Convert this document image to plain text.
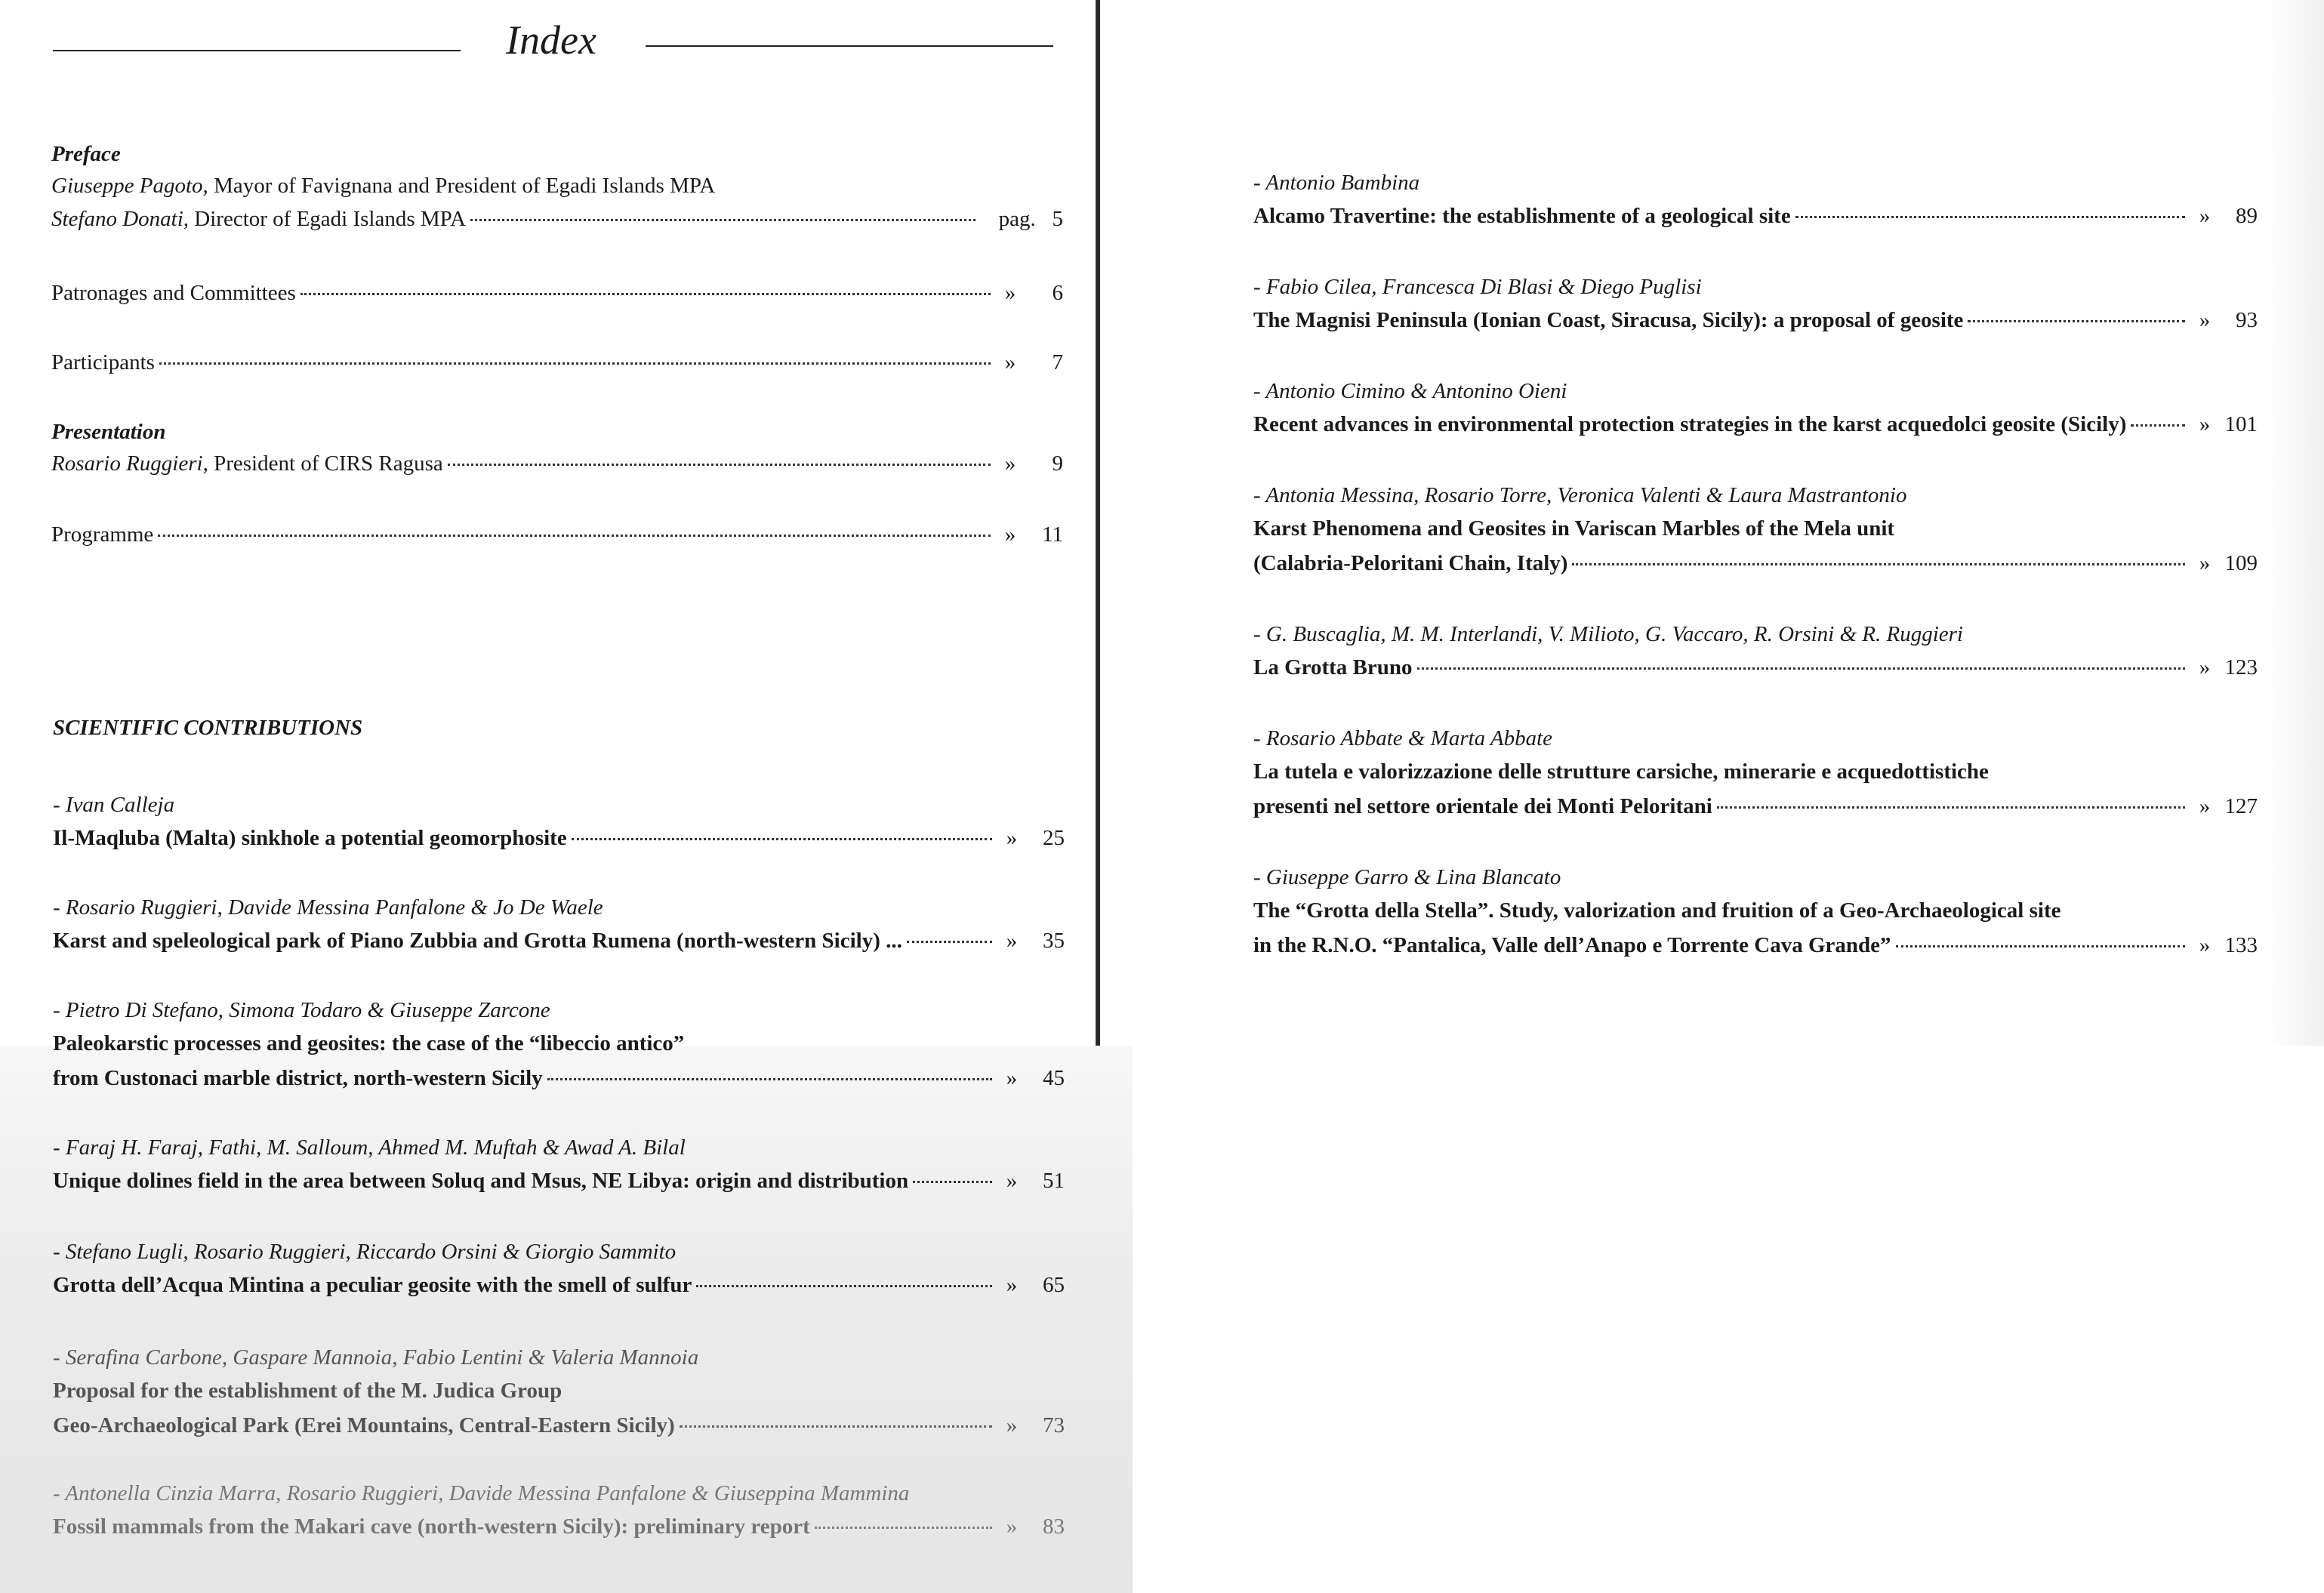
Index
Preface
Giuseppe Pagoto, Mayor of Favignana and President of Egadi Islands MPA
Stefano Donati, Director of Egadi Islands MPA	pag. 5
Patronages and Committees	»	6
Participants	»	7
Presentation
Rosario Ruggieri, President of CIRS Ragusa	»	9
Programme	»	11
SCIENTIFIC CONTRIBUTIONS
- Ivan Calleja
Il-Maqluba (Malta) sinkhole a potential geomorphosite	»	25
- Rosario Ruggieri, Davide Messina Panfalone & Jo De Waele
Karst and speleological park of Piano Zubbia and Grotta Rumena (north-western Sicily) ...	»	35
- Pietro Di Stefano, Simona Todaro & Giuseppe Zarcone
Paleokarstic processes and geosites: the case of the “libeccio antico”
from Custonaci marble district, north-western Sicily	»	45
- Faraj H. Faraj, Fathi, M. Salloum, Ahmed M. Muftah & Awad A. Bilal
Unique dolines field in the area between Soluq and Msus, NE Libya: origin and distribution	»	51
- Stefano Lugli, Rosario Ruggieri, Riccardo Orsini & Giorgio Sammito
Grotta dell’Acqua Mintina a peculiar geosite with the smell of sulfur	»	65
- Serafina Carbone, Gaspare Mannoia, Fabio Lentini & Valeria Mannoia
Proposal for the establishment of the M. Judica Group
Geo-Archaeological Park (Erei Mountains, Central-Eastern Sicily)	»	73
- Antonella Cinzia Marra, Rosario Ruggieri, Davide Messina Panfalone & Giuseppina Mammina
Fossil mammals from the Makari cave (north-western Sicily): preliminary report	»	83
- Antonio Bambina
Alcamo Travertine: the establishmente of a geological site	»	89
- Fabio Cilea, Francesca Di Blasi & Diego Puglisi
The Magnisi Peninsula (Ionian Coast, Siracusa, Sicily): a proposal of geosite	»	93
- Antonio Cimino & Antonino Oieni
Recent advances in environmental protection strategies in the karst acquedolci geosite (Sicily)	» 101
- Antonia Messina, Rosario Torre, Veronica Valenti & Laura Mastrantonio
Karst Phenomena and Geosites in Variscan Marbles of the Mela unit
(Calabria-Peloritani Chain, Italy)	» 109
- G. Buscaglia, M. M. Interlandi, V. Milioto, G. Vaccaro, R. Orsini & R. Ruggieri
La Grotta Bruno	» 123
- Rosario Abbate & Marta Abbate
La tutela e valorizzazione delle strutture carsiche, minerarie e acquedottistiche
presenti nel settore orientale dei Monti Peloritani	» 127
- Giuseppe Garro & Lina Blancato
The “Grotta della Stella”. Study, valorization and fruition of a Geo-Archaeological site
in the R.N.O. “Pantalica, Valle dell’Anapo e Torrente Cava Grande”	» 133
